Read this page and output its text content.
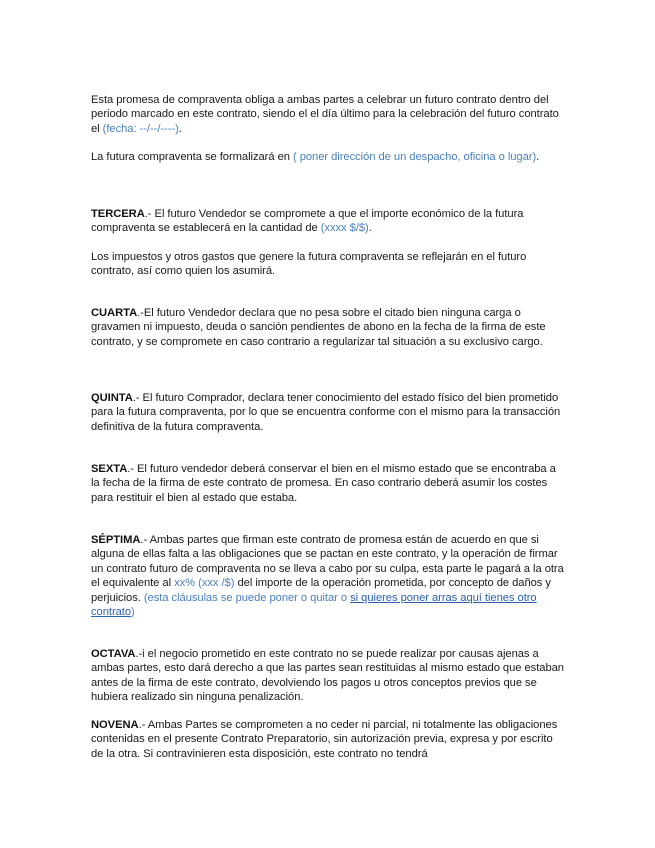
Esta promesa de compraventa obliga a ambas partes a celebrar un futuro contrato dentro del periodo marcado en este contrato, siendo el el día último para la celebración del futuro contrato el (fecha: --/--/----).
La futura compraventa se formalizará en ( poner dirección de un despacho, oficina o lugar).
TERCERA.- El futuro Vendedor se compromete a que el importe económico de la futura compraventa se establecerá en la cantidad de (xxxx $/$).
Los impuestos y otros gastos que genere la futura compraventa se reflejarán en el futuro contrato, así como quien los asumirá.
CUARTA.-El futuro Vendedor declara que no pesa sobre el citado bien ninguna carga o gravamen ni impuesto, deuda o sanción pendientes de abono en la fecha de la firma de este contrato, y se compromete en caso contrario a regularizar tal situación a su exclusivo cargo.
QUINTA.- El futuro Comprador, declara tener conocimiento del estado físico del bien prometido para la futura compraventa, por lo que se encuentra conforme con el mismo para la transacción definitiva de la futura compraventa.
SEXTA.- El futuro vendedor deberá conservar el bien en el mismo estado que se encontraba a la fecha de la firma de este contrato de promesa. En caso contrario deberá asumir los costes para restituir el bien al estado que estaba.
SÉPTIMA.- Ambas partes que firman este contrato de promesa están de acuerdo en que si alguna de ellas falta a las obligaciones que se pactan en este contrato, y la operación de firmar un contrato futuro de compraventa no se lleva a cabo por su culpa, esta parte le pagará a la otra el equivalente al xx% (xxx /$) del importe de la operación prometida, por concepto de daños y perjuicios. (esta cláusulas se puede poner o quitar o si quieres poner arras aquí tienes otro contrato)
OCTAVA.-i el negocio prometido en este contrato no se puede realizar por causas ajenas a ambas partes, esto dará derecho a que las partes sean restituidas al mismo estado que estaban antes de la firma de este contrato, devolviendo los pagos u otros conceptos previos que se hubiera realizado sin ninguna penalización.
NOVENA.- Ambas Partes se comprometen a no ceder ni parcial, ni totalmente las obligaciones contenidas en el presente Contrato Preparatorio, sin autorización previa, expresa y por escrito de la otra. Si contravinieren esta disposición, este contrato no tendrá
